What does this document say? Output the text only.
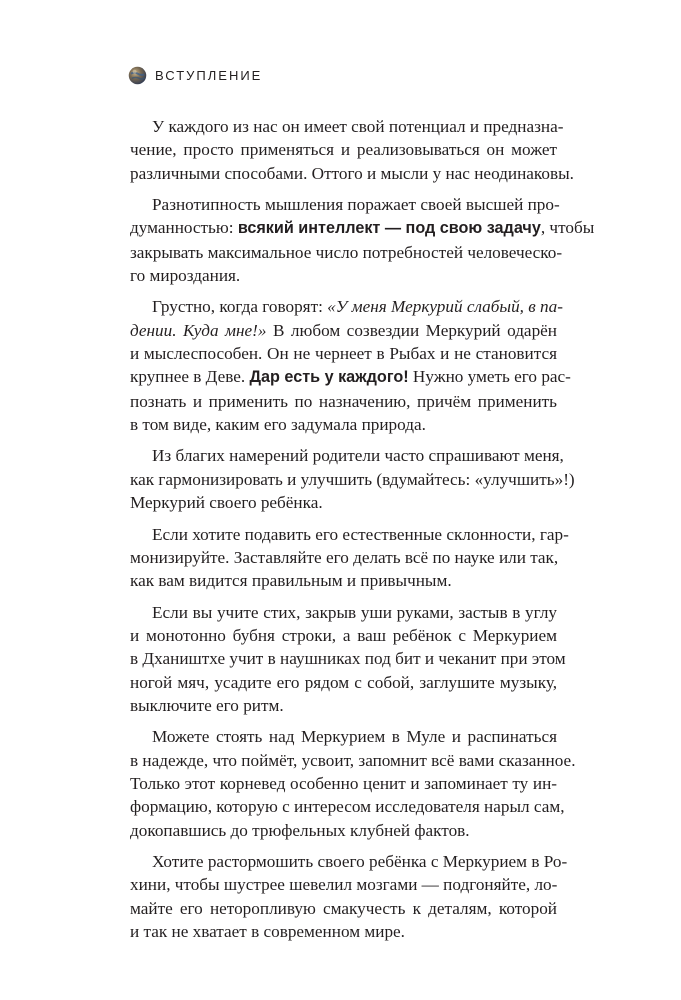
ВСТУПЛЕНИЕ

У каждого из нас он имеет свой потенциал и предназна-
чение, просто применяться и реализовываться он может
различными способами. Оттого и мысли у нас неодинаковы.

Разнотипность мышления поражает своей высшей про-
думанностью: всякий интеллект — под свою задачу, чтобы
закрывать максимальное число потребностей человеческо-
го мироздания.

Грустно, когда говорят: «У меня Меркурий слабый, в па-
дении. Куда мне!» В любом созвездии Меркурий одарён
и мыслеспособен. Он не чернеет в Рыбах и не становится
крупнее в Деве. Дар есть у каждого! Нужно уметь его рас-
познать и применить по назначению, причём применить
в том виде, каким его задумала природа.

Из благих намерений родители часто спрашивают меня,
как гармонизировать и улучшить (вдумайтесь: «улучшить»!)
Меркурий своего ребёнка.

Если хотите подавить его естественные склонности, гар-
монизируйте. Заставляйте его делать всё по науке или так,
как вам видится правильным и привычным.

Если вы учите стих, закрыв уши руками, застыв в углу
и монотонно бубня строки, а ваш ребёнок с Меркурием
в Дхаништхе учит в наушниках под бит и чеканит при этом
ногой мяч, усадите его рядом с собой, заглушите музыку,
выключите его ритм.

Можете стоять над Меркурием в Муле и распинаться
в надежде, что поймёт, усвоит, запомнит всё вами сказанное.
Только этот корневед особенно ценит и запоминает ту ин-
формацию, которую с интересом исследователя нарыл сам,
докопавшись до трюфельных клубней фактов.

Хотите растормошить своего ребёнка с Меркурием в Ро-
хини, чтобы шустрее шевелил мозгами — подгоняйте, ло-
майте его неторопливую смакучесть к деталям, которой
и так не хватает в современном мире.
